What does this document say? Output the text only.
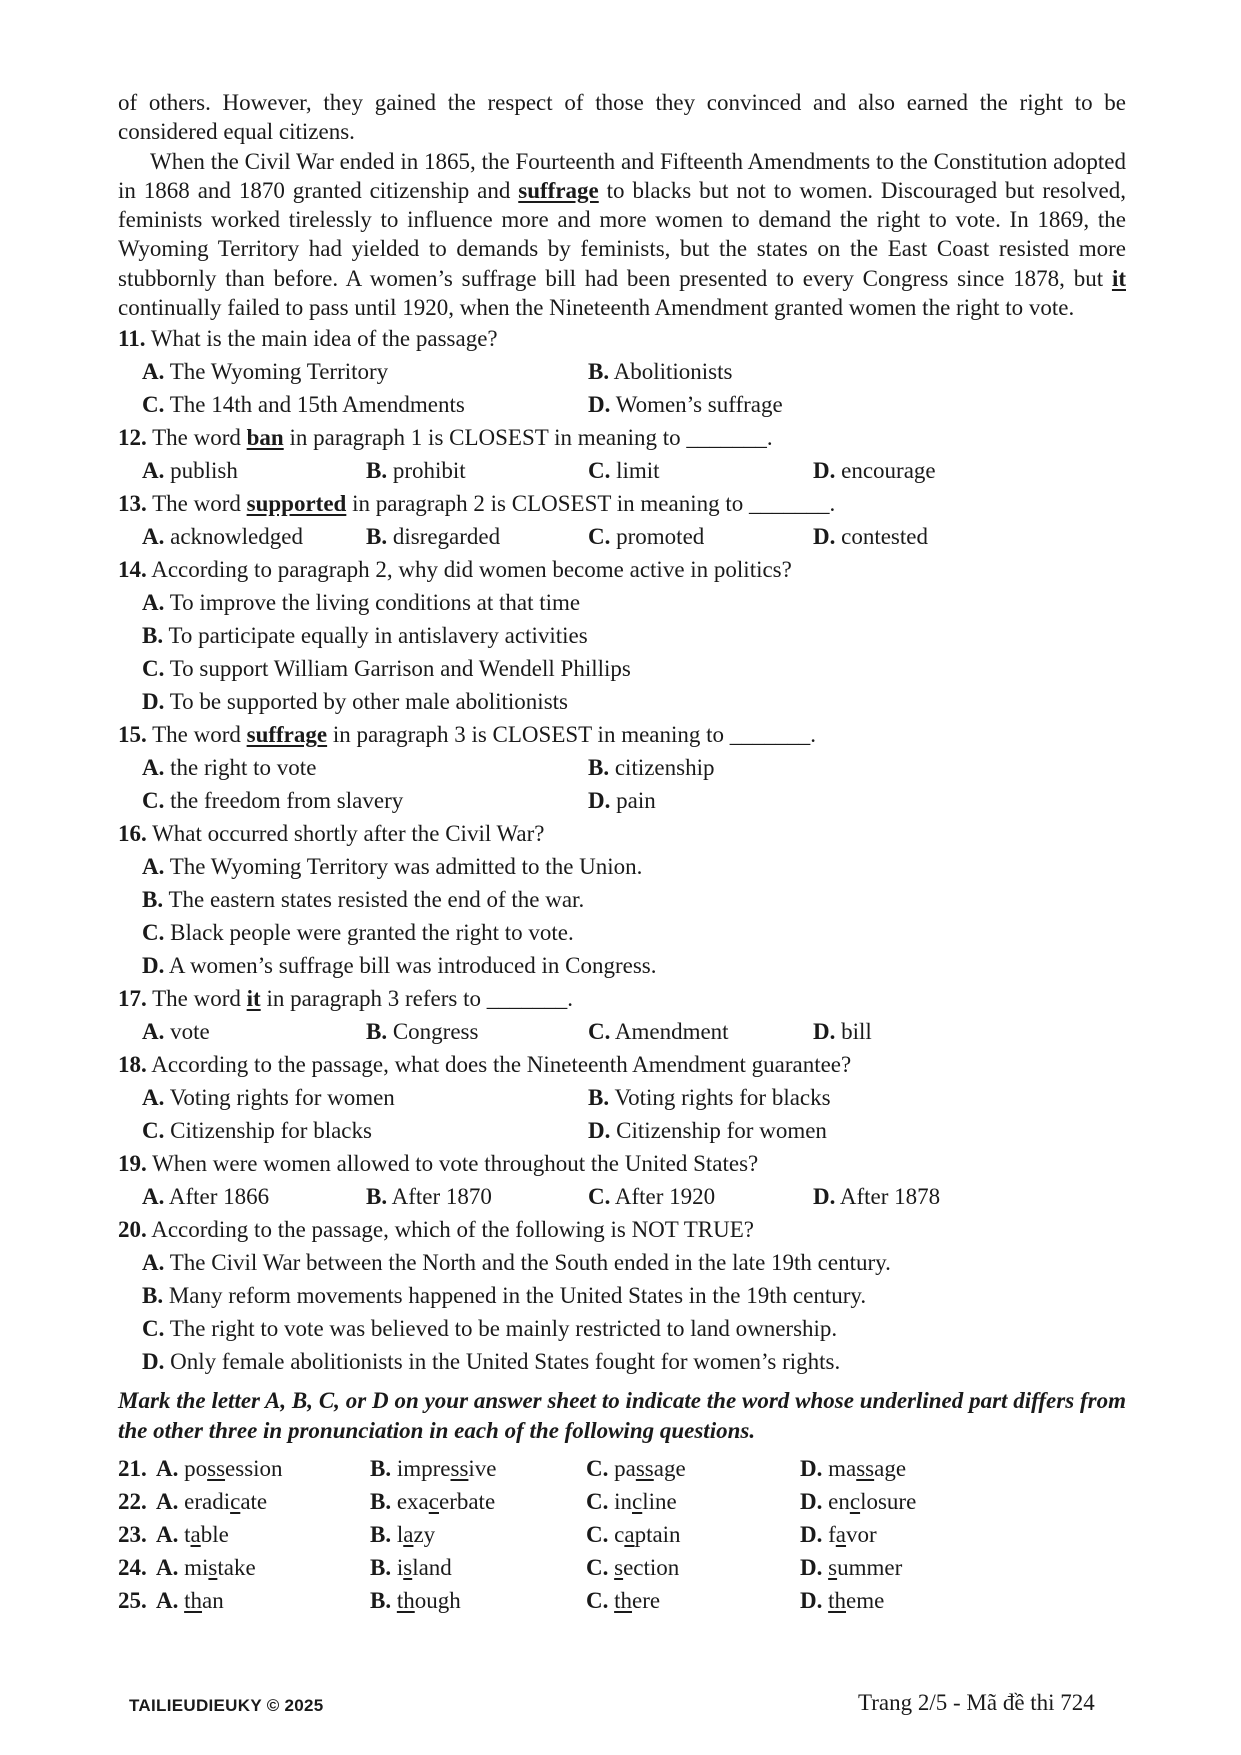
of others. However, they gained the respect of those they convinced and also earned the right to be considered equal citizens.

When the Civil War ended in 1865, the Fourteenth and Fifteenth Amendments to the Constitution adopted in 1868 and 1870 granted citizenship and suffrage to blacks but not to women. Discouraged but resolved, feminists worked tirelessly to influence more and more women to demand the right to vote. In 1869, the Wyoming Territory had yielded to demands by feminists, but the states on the East Coast resisted more stubbornly than before. A women’s suffrage bill had been presented to every Congress since 1878, but it continually failed to pass until 1920, when the Nineteenth Amendment granted women the right to vote.

11. What is the main idea of the passage?
A. The Wyoming Territory	B. Abolitionists
C. The 14th and 15th Amendments	D. Women’s suffrage
12. The word ban in paragraph 1 is CLOSEST in meaning to _______.
A. publish	B. prohibit	C. limit	D. encourage
13. The word supported in paragraph 2 is CLOSEST in meaning to _______.
A. acknowledged	B. disregarded	C. promoted	D. contested
14. According to paragraph 2, why did women become active in politics?
A. To improve the living conditions at that time
B. To participate equally in antislavery activities
C. To support William Garrison and Wendell Phillips
D. To be supported by other male abolitionists
15. The word suffrage in paragraph 3 is CLOSEST in meaning to _______.
A. the right to vote	B. citizenship
C. the freedom from slavery	D. pain
16. What occurred shortly after the Civil War?
A. The Wyoming Territory was admitted to the Union.
B. The eastern states resisted the end of the war.
C. Black people were granted the right to vote.
D. A women’s suffrage bill was introduced in Congress.
17. The word it in paragraph 3 refers to _______.
A. vote	B. Congress	C. Amendment	D. bill
18. According to the passage, what does the Nineteenth Amendment guarantee?
A. Voting rights for women	B. Voting rights for blacks
C. Citizenship for blacks	D. Citizenship for women
19. When were women allowed to vote throughout the United States?
A. After 1866	B. After 1870	C. After 1920	D. After 1878
20. According to the passage, which of the following is NOT TRUE?
A. The Civil War between the North and the South ended in the late 19th century.
B. Many reform movements happened in the United States in the 19th century.
C. The right to vote was believed to be mainly restricted to land ownership.
D. Only female abolitionists in the United States fought for women’s rights.
Mark the letter A, B, C, or D on your answer sheet to indicate the word whose underlined part differs from the other three in pronunciation in each of the following questions.
21. A. possession	B. impressive	C. passage	D. massage
22. A. eradicate	B. exacerbate	C. incline	D. enclosure
23. A. table	B. lazy	C. captain	D. favor
24. A. mistake	B. island	C. section	D. summer
25. A. than	B. though	C. there	D. theme
TAILIEUDIEUKY © 2025	Trang 2/5 - Mã đề thi 724
